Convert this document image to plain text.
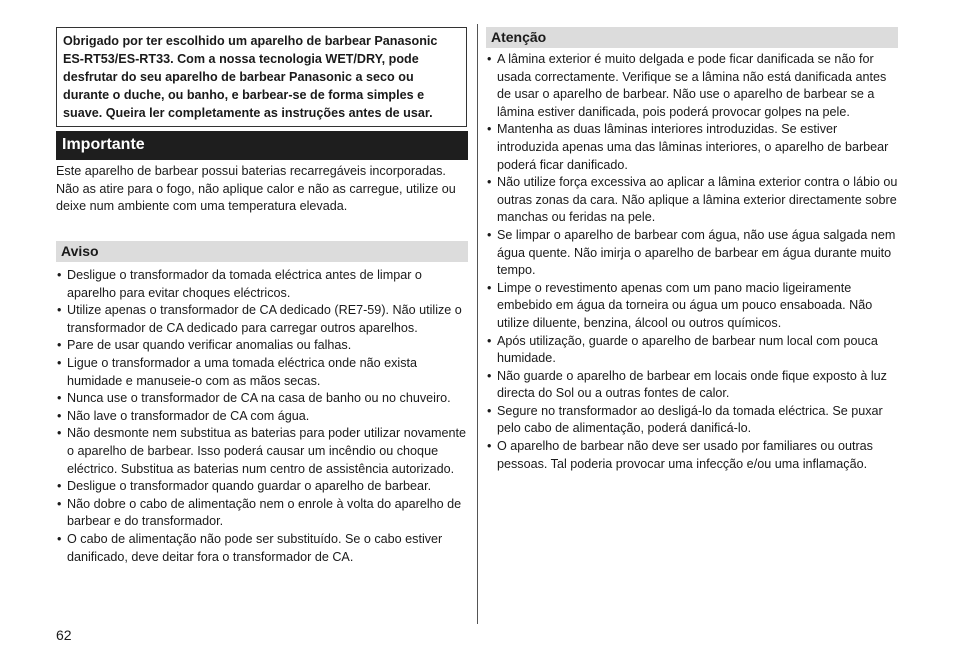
Obrigado por ter escolhido um aparelho de barbear Panasonic ES-RT53/ES-RT33. Com a nossa tecnologia WET/DRY, pode desfrutar do seu aparelho de barbear Panasonic a seco ou durante o duche, ou banho, e barbear-se de forma simples e suave. Queira ler completamente as instruções antes de usar.

Importante

Este aparelho de barbear possui baterias recarregáveis incorporadas. Não as atire para o fogo, não aplique calor e não as carregue, utilize ou deixe num ambiente com uma temperatura elevada.

Aviso
• Desligue o transformador da tomada eléctrica antes de limpar o aparelho para evitar choques eléctricos.
• Utilize apenas o transformador de CA dedicado (RE7-59). Não utilize o transformador de CA dedicado para carregar outros aparelhos.
• Pare de usar quando verificar anomalias ou falhas.
• Ligue o transformador a uma tomada eléctrica onde não exista humidade e manuseie-o com as mãos secas.
• Nunca use o transformador de CA na casa de banho ou no chuveiro.
• Não lave o transformador de CA com água.
• Não desmonte nem substitua as baterias para poder utilizar novamente o aparelho de barbear. Isso poderá causar um incêndio ou choque eléctrico. Substitua as baterias num centro de assistência autorizado.
• Desligue o transformador quando guardar o aparelho de barbear.
• Não dobre o cabo de alimentação nem o enrole à volta do aparelho de barbear e do transformador.
• O cabo de alimentação não pode ser substituído. Se o cabo estiver danificado, deve deitar fora o transformador de CA.
Atenção
• A lâmina exterior é muito delgada e pode ficar danificada se não for usada correctamente. Verifique se a lâmina não está danificada antes de usar o aparelho de barbear. Não use o aparelho de barbear se a lâmina estiver danificada, pois poderá provocar golpes na pele.
• Mantenha as duas lâminas interiores introduzidas. Se estiver introduzida apenas uma das lâminas interiores, o aparelho de barbear poderá ficar danificado.
• Não utilize força excessiva ao aplicar a lâmina exterior contra o lábio ou outras zonas da cara. Não aplique a lâmina exterior directamente sobre manchas ou feridas na pele.
• Se limpar o aparelho de barbear com água, não use água salgada nem água quente. Não imirja o aparelho de barbear em água durante muito tempo.
• Limpe o revestimento apenas com um pano macio ligeiramente embebido em água da torneira ou água um pouco ensaboada. Não utilize diluente, benzina, álcool ou outros químicos.
• Após utilização, guarde o aparelho de barbear num local com pouca humidade.
• Não guarde o aparelho de barbear em locais onde fique exposto à luz directa do Sol ou a outras fontes de calor.
• Segure no transformador ao desligá-lo da tomada eléctrica. Se puxar pelo cabo de alimentação, poderá danificá-lo.
• O aparelho de barbear não deve ser usado por familiares ou outras pessoas. Tal poderia provocar uma infecção e/ou uma inflamação.
62
